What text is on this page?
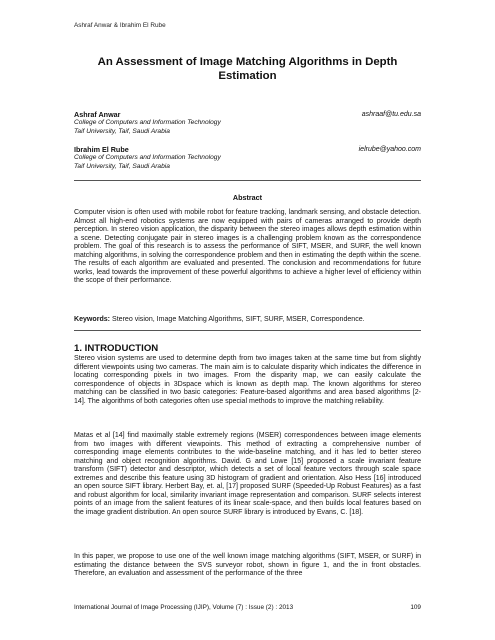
Ashraf Anwar & Ibrahim El Rube
An Assessment of Image Matching Algorithms in Depth
Estimation
Ashraf Anwar	ashraaf@tu.edu.sa
College of Computers and Information Technology
Taif University, Taif, Saudi Arabia
Ibrahim El Rube	ielrube@yahoo.com
College of Computers and Information Technology
Taif University, Taif, Saudi Arabia
Abstract
Computer vision is often used with mobile robot for feature tracking, landmark sensing, and obstacle detection. Almost all high-end robotics systems are now equipped with pairs of cameras arranged to provide depth perception. In stereo vision application, the disparity between the stereo images allows depth estimation within a scene. Detecting conjugate pair in stereo images is a challenging problem known as the correspondence problem. The goal of this research is to assess the performance of SIFT, MSER, and SURF, the well known matching algorithms, in solving the correspondence problem and then in estimating the depth within the scene. The results of each algorithm are evaluated and presented. The conclusion and recommendations for future works, lead towards the improvement of these powerful algorithms to achieve a higher level of efficiency within the scope of their performance.
Keywords: Stereo vision, Image Matching Algorithms, SIFT, SURF, MSER, Correspondence.
1. INTRODUCTION
Stereo vision systems are used to determine depth from two images taken at the same time but from slightly different viewpoints using two cameras. The main aim is to calculate disparity which indicates the difference in locating corresponding pixels in two images. From the disparity map, we can easily calculate the correspondence of objects in 3Dspace which is known as depth map. The known algorithms for stereo matching can be classified in two basic categories: Feature-based algorithms and area based algorithms [2-14]. The algorithms of both categories often use special methods to improve the matching reliability.
Matas et al [14] find maximally stable extremely regions (MSER) correspondences between image elements from two images with different viewpoints. This method of extracting a comprehensive number of corresponding image elements contributes to the wide-baseline matching, and it has led to better stereo matching and object recognition algorithms. David. G and Lowe [15] proposed a scale invariant feature transform (SIFT) detector and descriptor, which detects a set of local feature vectors through scale space extremes and describe this feature using 3D histogram of gradient and orientation. Also Hess [16] introduced an open source SIFT library. Herbert Bay, et. al, [17] proposed SURF (Speeded-Up Robust Features) as a fast and robust algorithm for local, similarity invariant image representation and comparison. SURF selects interest points of an image from the salient features of its linear scale-space, and then builds local features based on the image gradient distribution. An open source SURF library is introduced by Evans, C. [18].
In this paper, we propose to use one of the well known image matching algorithms (SIFT, MSER, or SURF) in estimating the distance between the SVS surveyor robot, shown in figure 1, and the in front obstacles. Therefore, an evaluation and assessment of the performance of the three
International Journal of Image Processing (IJIP), Volume (7) : Issue (2) : 2013	109
